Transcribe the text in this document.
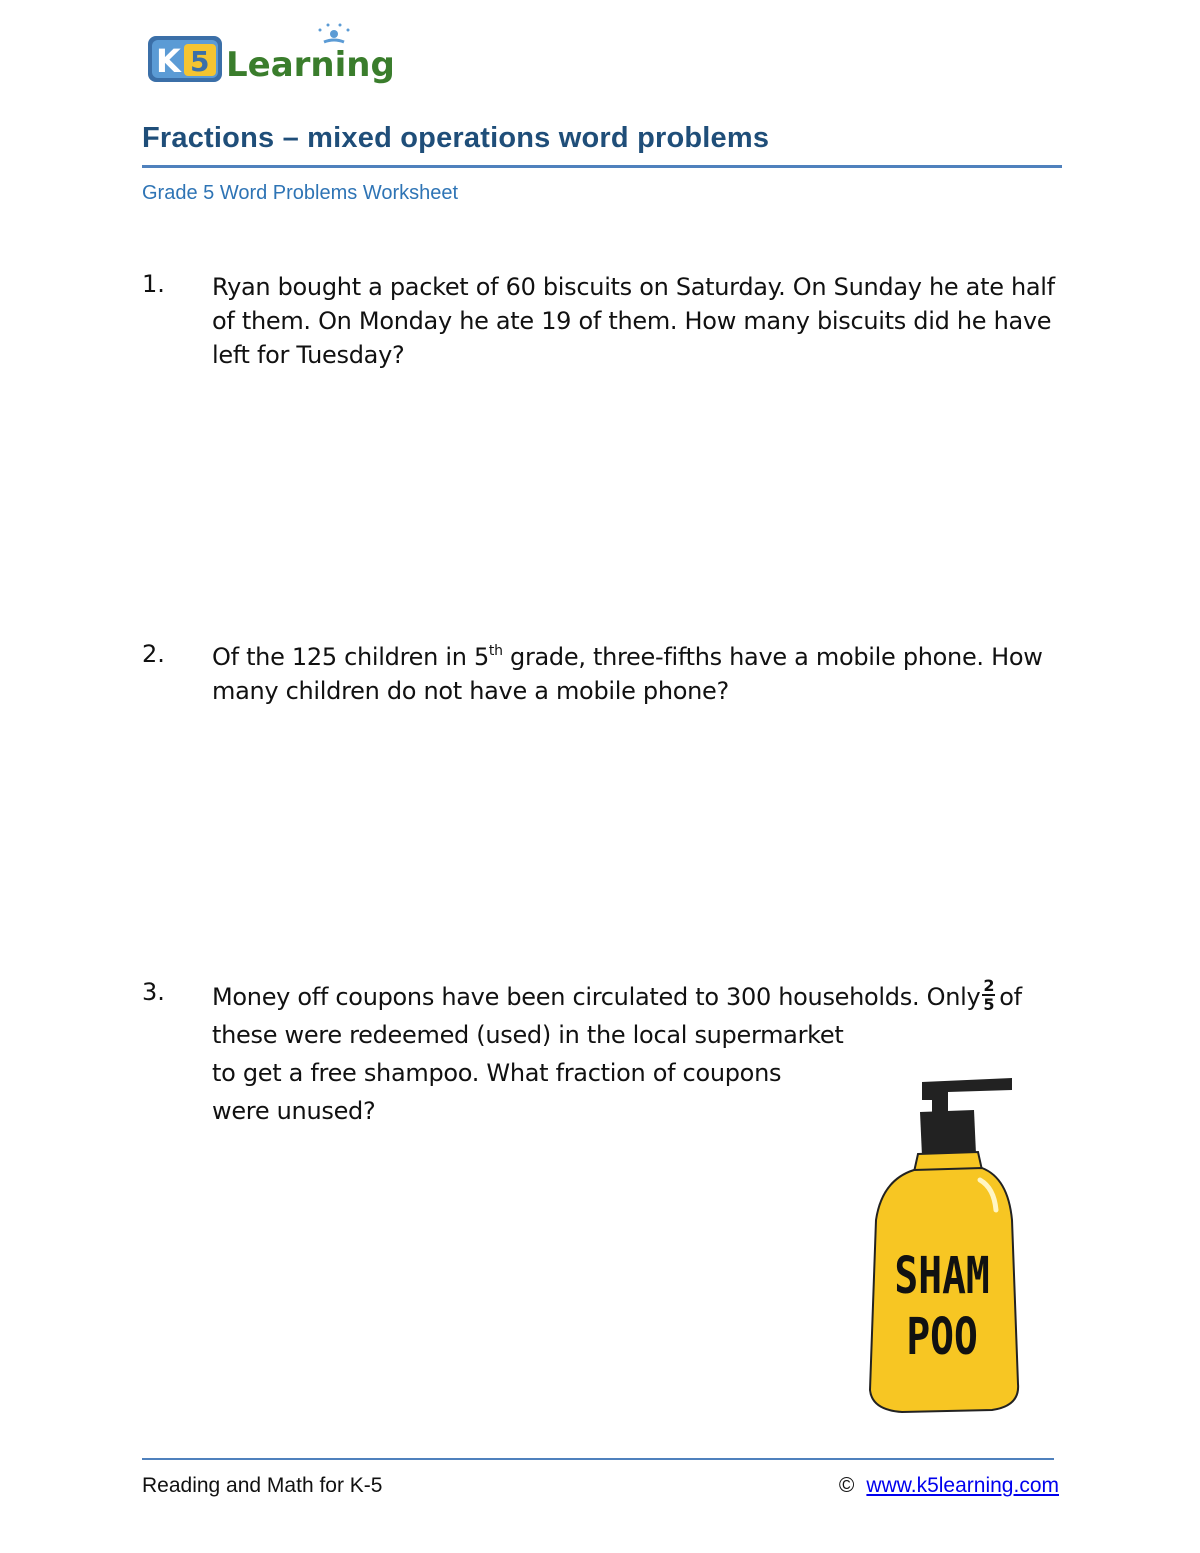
K 5 Learning
Fractions – mixed operations word problems
Grade 5 Word Problems Worksheet
1. Ryan bought a packet of 60 biscuits on Saturday. On Sunday he ate half of them. On Monday he ate 19 of them. How many biscuits did he have left for Tuesday?
2. Of the 125 children in 5th grade, three-fifths have a mobile phone. How many children do not have a mobile phone?
3. Money off coupons have been circulated to 300 households. Only $\frac{2}{5}$ of these were redeemed (used) in the local supermarket
to get a free shampoo. What fraction of coupons
were unused?
SHAM
POO
Reading and Math for K-5	© www.k5learning.com
